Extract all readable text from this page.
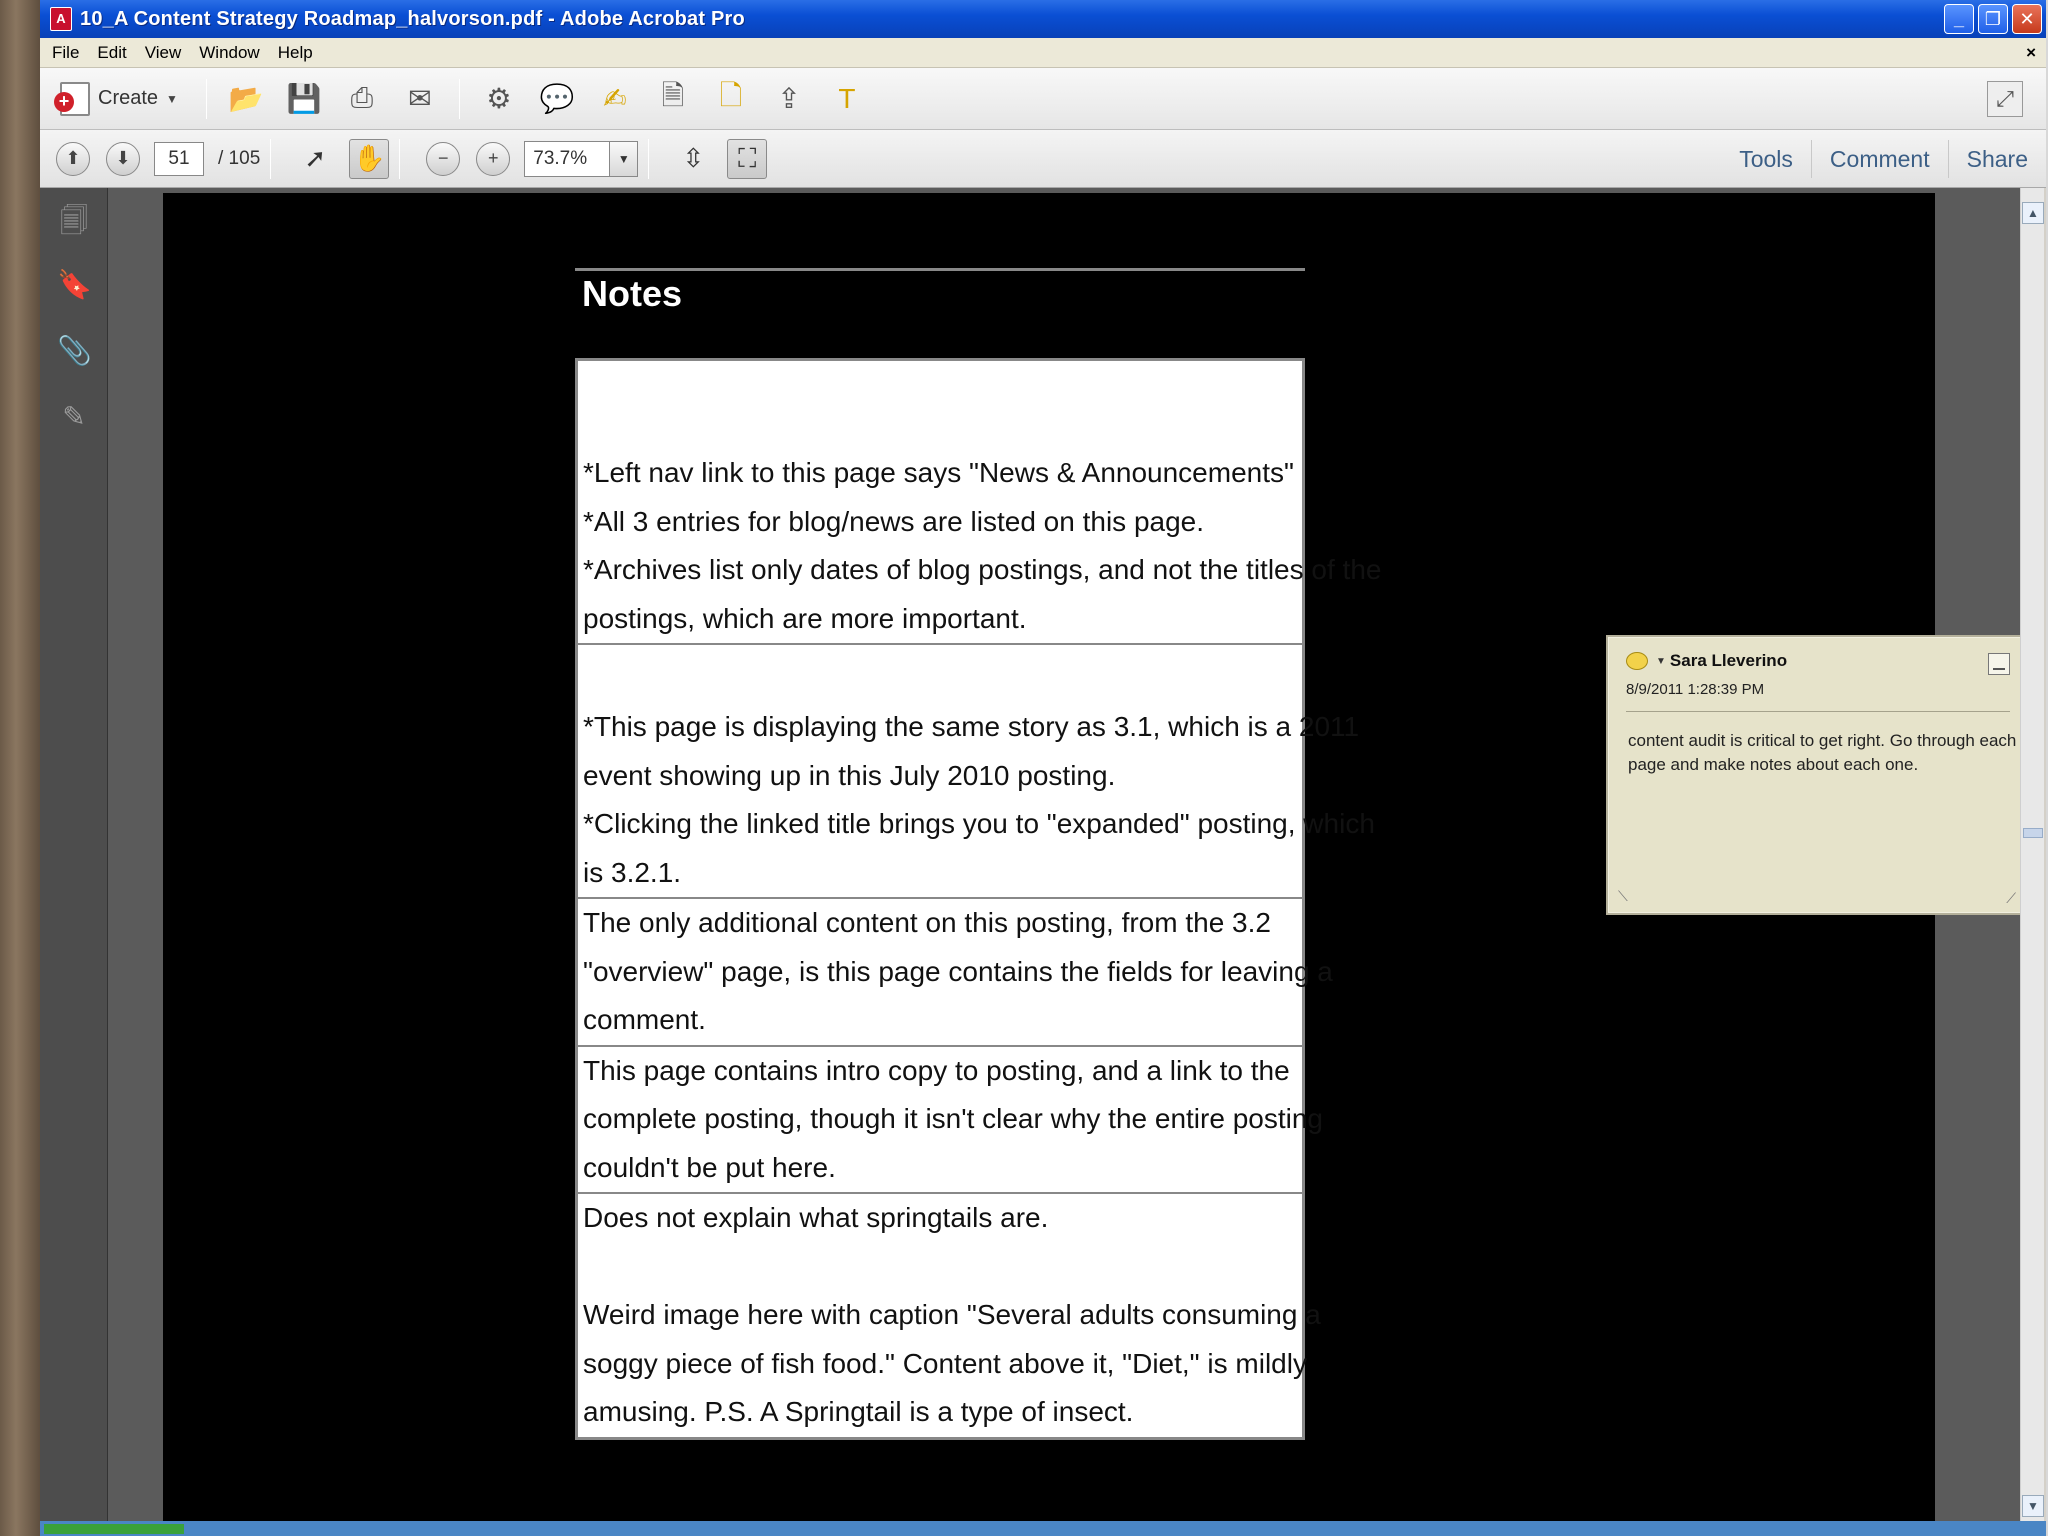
A 10_A Content Strategy Roadmap_halvorson.pdf - Adobe Acrobat Pro	_	❐	✕
File	Edit	View	Window	Help	×
+
Create ▼ 📂 💾	⎙	✉ ⚙ 💬 ✍	🗎	🗋	⇪	T	⤢
⬆	⬇	51	/ 105	➚	✋	−	+	73.7%	▼	⇳	⛶	Tools	Comment	Share
🗐
🔖
📎
✎
Notes
*Left nav link to this page says "News & Announcements"
*All 3 entries for blog/news are listed on this page.
*Archives list only dates of blog postings, and not the titles of the
postings, which are more important.
*This page is displaying the same story as 3.1, which is a 2011
event showing up in this July 2010 posting.
*Clicking the linked title brings you to "expanded" posting, which
is 3.2.1.
The only additional content on this posting, from the 3.2
"overview" page, is this page contains the fields for leaving a
comment.
This page contains intro copy to posting, and a link to the
complete posting, though it isn't clear why the entire posting
couldn't be put here.
Does not explain what springtails are.
Weird image here with caption "Several adults consuming a
soggy piece of fish food." Content above it, "Diet," is mildly
amusing. P.S. A Springtail is a type of insect.
▼ Sara Lleverino
8/9/2011 1:28:39 PM
content audit is critical to get right. Go through each page and make notes about each one.
⟍	⟋
▲
▼
